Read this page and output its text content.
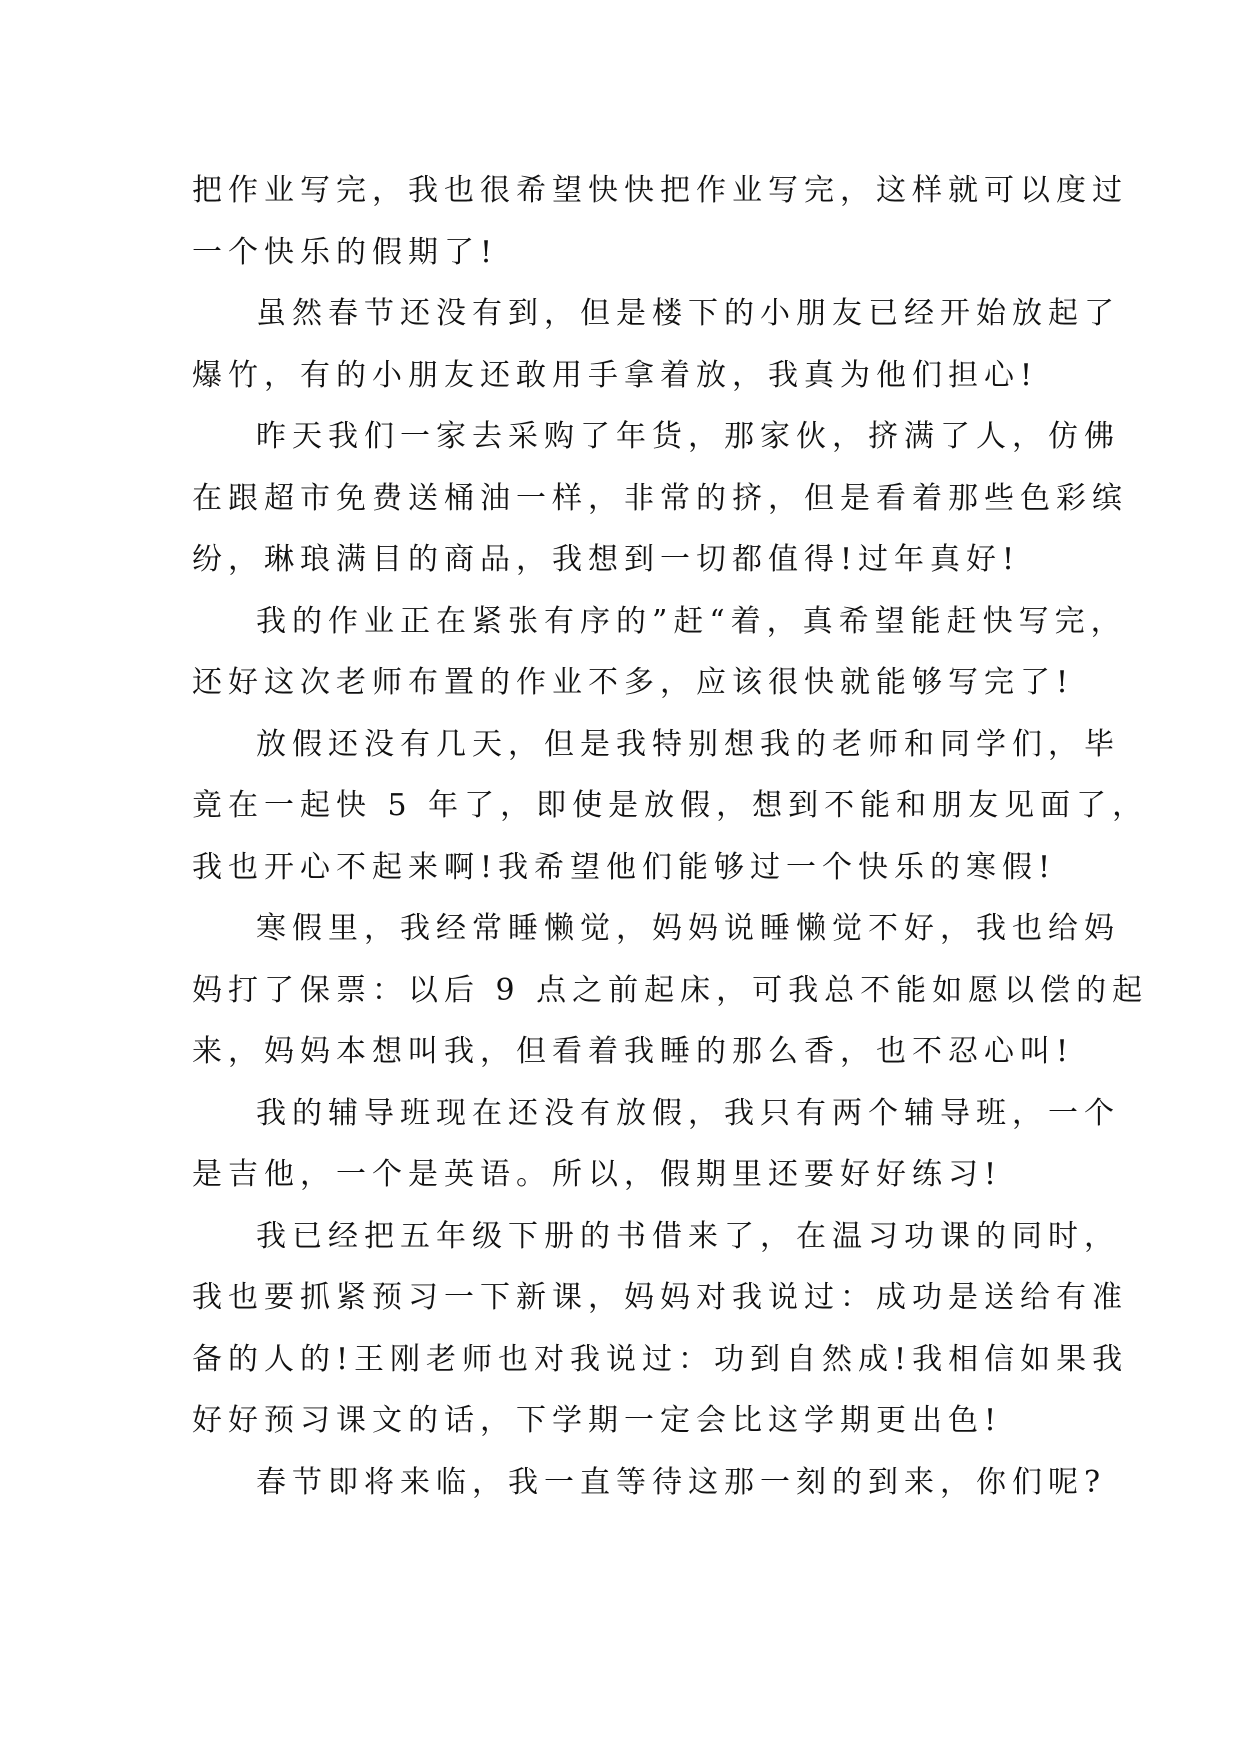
把作业写完，我也很希望快快把作业写完，这样就可以度过
一个快乐的假期了!
虽然春节还没有到，但是楼下的小朋友已经开始放起了
爆竹，有的小朋友还敢用手拿着放，我真为他们担心!
昨天我们一家去采购了年货，那家伙，挤满了人，仿佛
在跟超市免费送桶油一样，非常的挤，但是看着那些色彩缤
纷，琳琅满目的商品，我想到一切都值得!过年真好!
我的作业正在紧张有序的”赶“着，真希望能赶快写完，
还好这次老师布置的作业不多，应该很快就能够写完了!
放假还没有几天，但是我特别想我的老师和同学们，毕
竟在一起快 5 年了，即使是放假，想到不能和朋友见面了，
我也开心不起来啊!我希望他们能够过一个快乐的寒假!
寒假里，我经常睡懒觉，妈妈说睡懒觉不好，我也给妈
妈打了保票：以后 9 点之前起床，可我总不能如愿以偿的起
来，妈妈本想叫我，但看着我睡的那么香，也不忍心叫!
我的辅导班现在还没有放假，我只有两个辅导班，一个
是吉他，一个是英语。所以，假期里还要好好练习!
我已经把五年级下册的书借来了，在温习功课的同时，
我也要抓紧预习一下新课，妈妈对我说过：成功是送给有准
备的人的!王刚老师也对我说过：功到自然成!我相信如果我
好好预习课文的话，下学期一定会比这学期更出色!
春节即将来临，我一直等待这那一刻的到来，你们呢?
